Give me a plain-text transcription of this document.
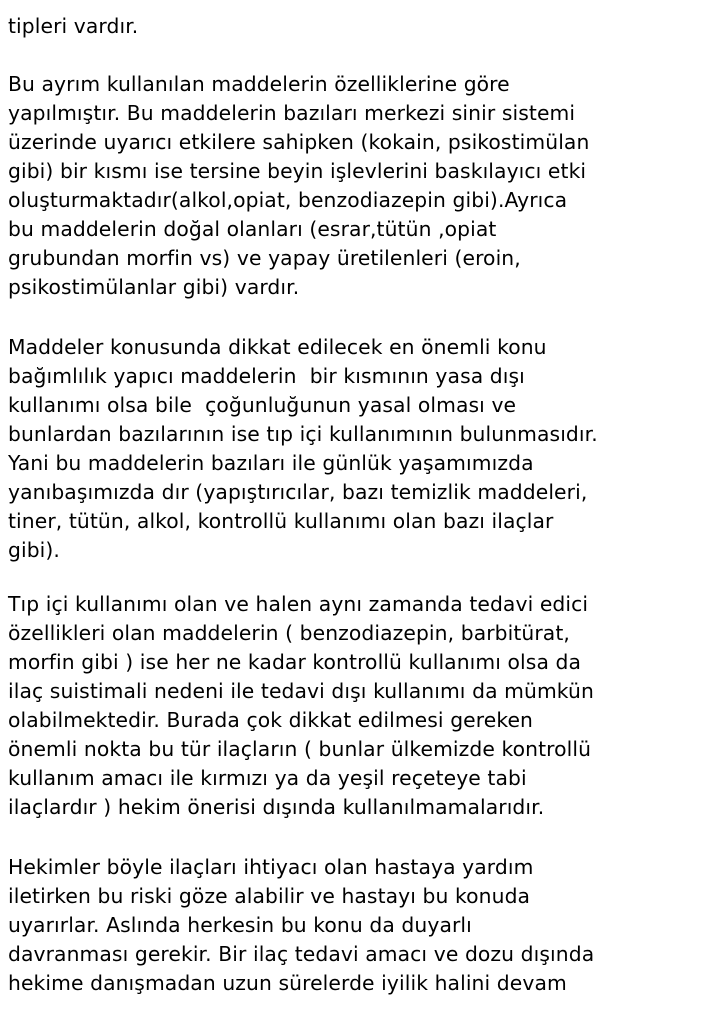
tipleri vardır.
Bu ayrım kullanılan maddelerin özelliklerine göre
yapılmıştır. Bu maddelerin bazıları merkezi sinir sistemi
üzerinde uyarıcı etkilere sahipken (kokain, psikostimülan
gibi) bir kısmı ise tersine beyin işlevlerini baskılayıcı etki
oluşturmaktadır(alkol,opiat, benzodiazepin gibi).Ayrıca
bu maddelerin doğal olanları (esrar,tütün ,opiat
grubundan morfin vs) ve yapay üretilenleri (eroin,
psikostimülanlar gibi) vardır.
Maddeler konusunda dikkat edilecek en önemli konu
bağımlılık yapıcı maddelerin  bir kısmının yasa dışı
kullanımı olsa bile  çoğunluğunun yasal olması ve
bunlardan bazılarının ise tıp içi kullanımının bulunmasıdır.
Yani bu maddelerin bazıları ile günlük yaşamımızda
yanıbaşımızda dır (yapıştırıcılar, bazı temizlik maddeleri,
tiner, tütün, alkol, kontrollü kullanımı olan bazı ilaçlar
gibi).
Tıp içi kullanımı olan ve halen aynı zamanda tedavi edici
özellikleri olan maddelerin ( benzodiazepin, barbitürat,
morfin gibi ) ise her ne kadar kontrollü kullanımı olsa da
ilaç suistimali nedeni ile tedavi dışı kullanımı da mümkün
olabilmektedir. Burada çok dikkat edilmesi gereken
önemli nokta bu tür ilaçların ( bunlar ülkemizde kontrollü
kullanım amacı ile kırmızı ya da yeşil reçeteye tabi
ilaçlardır ) hekim önerisi dışında kullanılmamalarıdır.
Hekimler böyle ilaçları ihtiyacı olan hastaya yardım
iletirken bu riski göze alabilir ve hastayı bu konuda
uyarırlar. Aslında herkesin bu konu da duyarlı
davranması gerekir. Bir ilaç tedavi amacı ve dozu dışında
hekime danışmadan uzun sürelerde iyilik halini devam
